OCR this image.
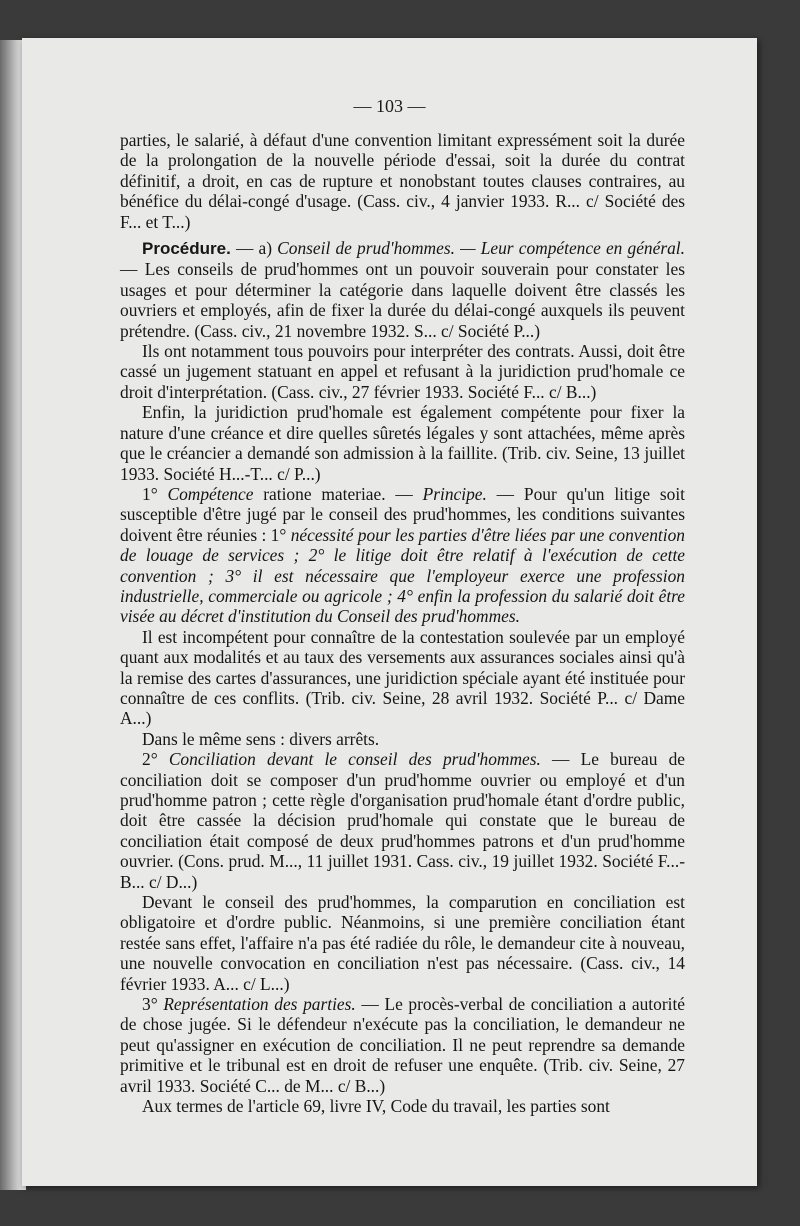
— 103 —

parties, le salarié, à défaut d'une convention limitant expressément soit la durée de la prolongation de la nouvelle période d'essai, soit la durée du contrat définitif, a droit, en cas de rupture et nonobstant toutes clauses contraires, au bénéfice du délai-congé d'usage. (Cass. civ., 4 janvier 1933. R... c/ Société des F... et T...)

Procédure. — a) Conseil de prud'hommes. — Leur compétence en général. — Les conseils de prud'hommes ont un pouvoir souverain pour constater les usages et pour déterminer la catégorie dans laquelle doivent être classés les ouvriers et employés, afin de fixer la durée du délai-congé auxquels ils peuvent prétendre. (Cass. civ., 21 novembre 1932. S... c/ Société P...)

Ils ont notamment tous pouvoirs pour interpréter des contrats. Aussi, doit être cassé un jugement statuant en appel et refusant à la juridiction prud'homale ce droit d'interprétation. (Cass. civ., 27 février 1933. Société F... c/ B...)

Enfin, la juridiction prud'homale est également compétente pour fixer la nature d'une créance et dire quelles sûretés légales y sont attachées, même après que le créancier a demandé son admission à la faillite. (Trib. civ. Seine, 13 juillet 1933. Société H...-T... c/ P...)

1° Compétence ratione materiae. — Principe. — Pour qu'un litige soit susceptible d'être jugé par le conseil des prud'hommes, les conditions suivantes doivent être réunies : 1° nécessité pour les parties d'être liées par une convention de louage de services ; 2° le litige doit être relatif à l'exécution de cette convention ; 3° il est nécessaire que l'employeur exerce une profession industrielle, commerciale ou agricole ; 4° enfin la profession du salarié doit être visée au décret d'institution du Conseil des prud'hommes.

Il est incompétent pour connaître de la contestation soulevée par un employé quant aux modalités et au taux des versements aux assurances sociales ainsi qu'à la remise des cartes d'assurances, une juridiction spéciale ayant été instituée pour connaître de ces conflits. (Trib. civ. Seine, 28 avril 1932. Société P... c/ Dame A...)

Dans le même sens : divers arrêts.

2° Conciliation devant le conseil des prud'hommes. — Le bureau de conciliation doit se composer d'un prud'homme ouvrier ou employé et d'un prud'homme patron ; cette règle d'organisation prud'homale étant d'ordre public, doit être cassée la décision prud'homale qui constate que le bureau de conciliation était composé de deux prud'hommes patrons et d'un prud'homme ouvrier. (Cons. prud. M..., 11 juillet 1931. Cass. civ., 19 juillet 1932. Société F...-B... c/ D...)

Devant le conseil des prud'hommes, la comparution en conciliation est obligatoire et d'ordre public. Néanmoins, si une première conciliation étant restée sans effet, l'affaire n'a pas été radiée du rôle, le demandeur cite à nouveau, une nouvelle convocation en conciliation n'est pas nécessaire. (Cass. civ., 14 février 1933. A... c/ L...)

3° Représentation des parties. — Le procès-verbal de conciliation a autorité de chose jugée. Si le défendeur n'exécute pas la conciliation, le demandeur ne peut qu'assigner en exécution de conciliation. Il ne peut reprendre sa demande primitive et le tribunal est en droit de refuser une enquête. (Trib. civ. Seine, 27 avril 1933. Société C... de M... c/ B...)

Aux termes de l'article 69, livre IV, Code du travail, les parties sont
